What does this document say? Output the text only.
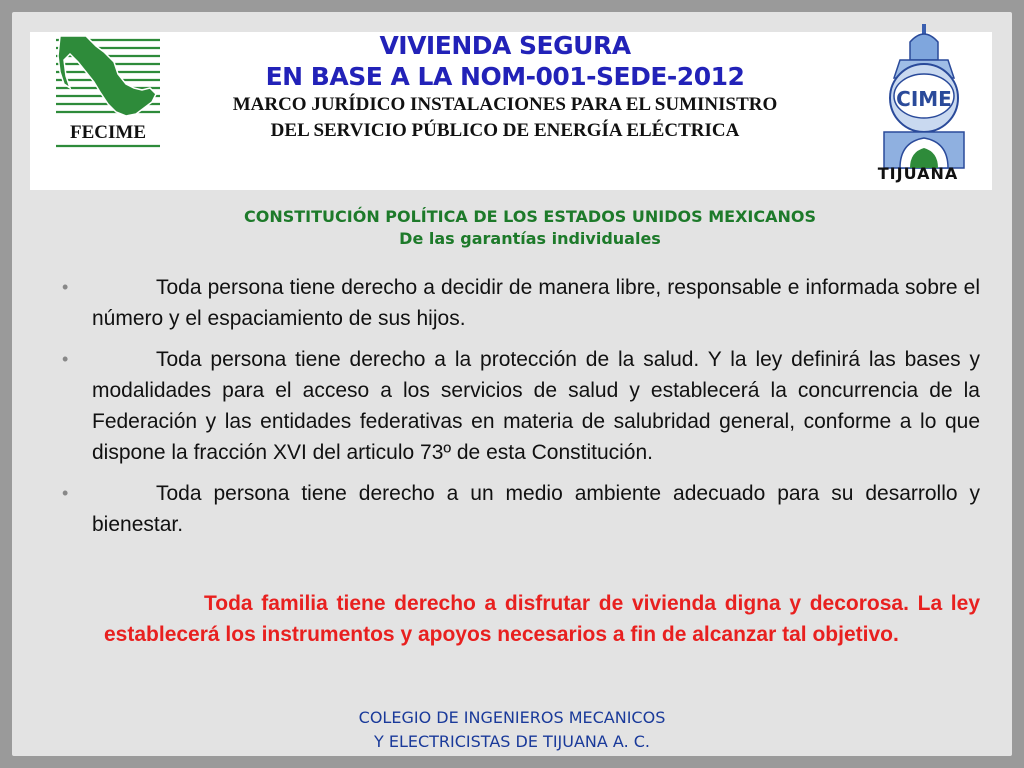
FECIME
VIVIENDA SEGURA
EN BASE A LA NOM-001-SEDE-2012
MARCO JURÍDICO INSTALACIONES PARA EL SUMINISTRO
DEL SERVICIO PÚBLICO DE ENERGÍA ELÉCTRICA
CIME
TIJUANA
CONSTITUCIÓN POLÍTICA DE LOS ESTADOS UNIDOS MEXICANOS
De las garantías individuales
•	Toda persona tiene derecho a decidir de manera libre, responsable e informada sobre el número y el espaciamiento de sus hijos.
•	Toda persona tiene derecho a la protección de la salud. Y la ley definirá las bases y modalidades para el acceso a los servicios de salud y establecerá la concurrencia de la Federación y las entidades federativas en materia de salubridad general, conforme a lo que dispone la fracción XVI del articulo 73º de esta Constitución.
•	Toda persona tiene derecho a un medio ambiente adecuado para su desarrollo y bienestar.
Toda familia tiene derecho a disfrutar de vivienda digna y decorosa. La ley establecerá los instrumentos y apoyos necesarios a fin de alcanzar tal objetivo.
COLEGIO DE INGENIEROS MECANICOS
Y ELECTRICISTAS DE TIJUANA A. C.
